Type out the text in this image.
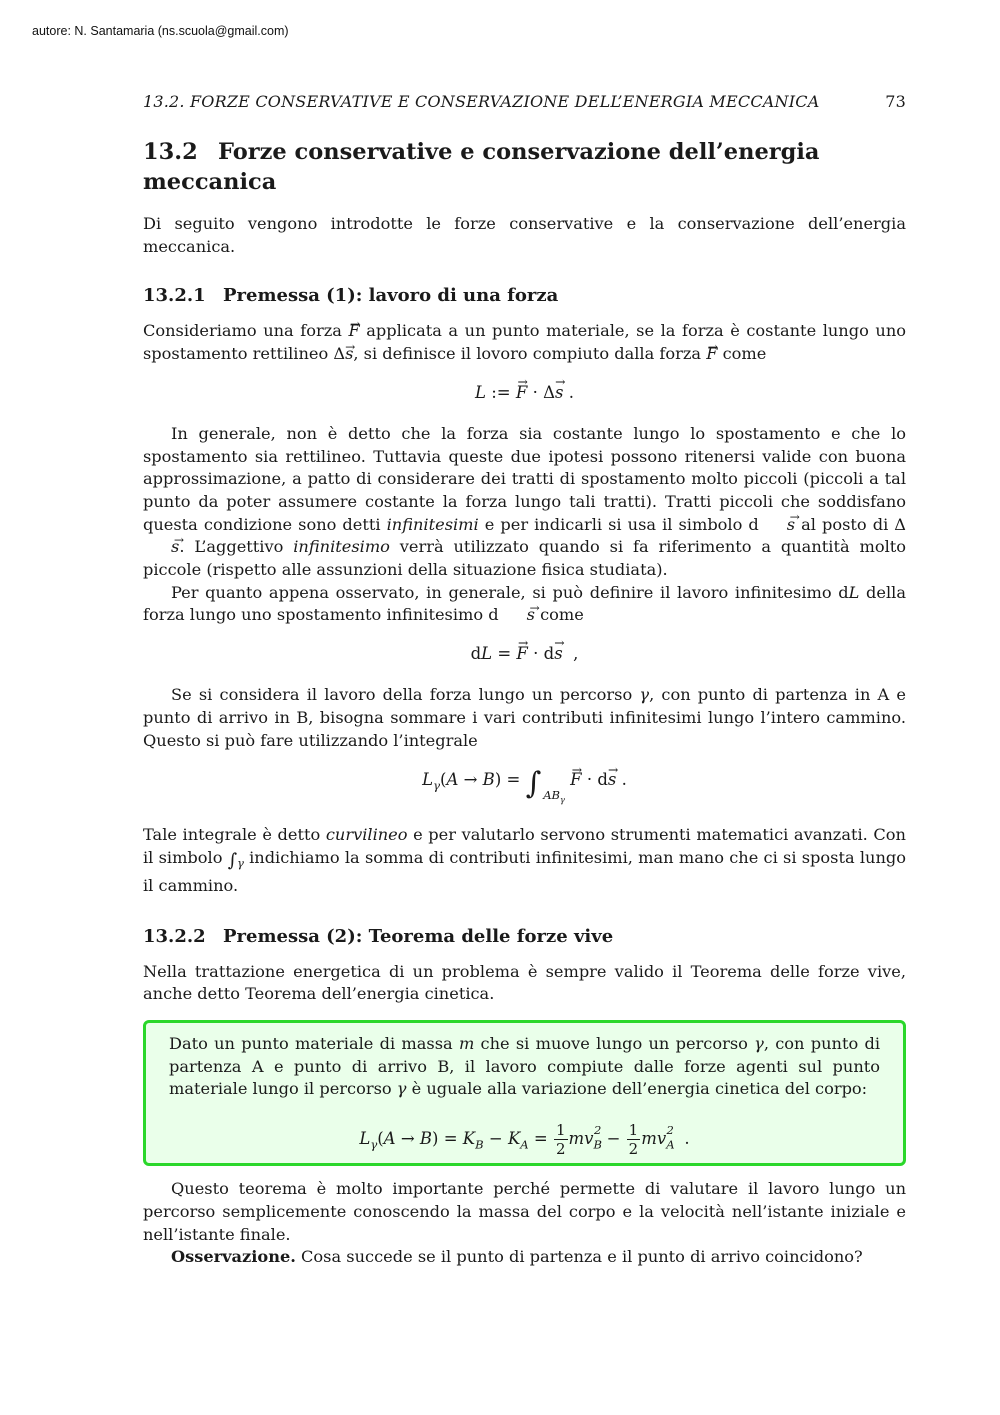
autore: N. Santamaria (ns.scuola@gmail.com)
13.2. FORZE CONSERVATIVE E CONSERVAZIONE DELL’ENERGIA MECCANICA	73
13.2 Forze conservative e conservazione dell’energia meccanica

Di seguito vengono introdotte le forze conservative e la conservazione dell’energia meccanica.

13.2.1 Premessa (1): lavoro di una forza

Consideriamo una forza → F applicata a un punto materiale, se la forza è costante lungo uno spostamento rettilineo Δ→ s, si definisce il lovoro compiuto dalla forza → F come

L := → F · Δ→ s .

In generale, non è detto che la forza sia costante lungo lo spostamento e che lo spostamento sia rettilineo. Tuttavia queste due ipotesi possono ritenersi valide con buona approssimazione, a patto di considerare dei tratti di spostamento molto piccoli (piccoli a tal punto da poter assumere costante la forza lungo tali tratti). Tratti piccoli che soddisfano questa condizione sono detti infinitesimi e per indicarli si usa il simbolo d → s al posto di Δ→ s. L’aggettivo infinitesimo verrà utilizzato quando si fa riferimento a quantità molto piccole (rispetto alle assunzioni della situazione fisica studiata).

Per quanto appena osservato, in generale, si può definire il lavoro infinitesimo dL della forza lungo uno spostamento infinitesimo d → s come

dL = → F · d→ s  ,

Se si considera il lavoro della forza lungo un percorso γ, con punto di partenza in A e punto di arrivo in B, bisogna sommare i vari contributi infinitesimi lungo l’intero cammino. Questo si può fare utilizzando l’integrale

$L_\gamma(A \to B)$ = ∫ $_{AB_\gamma}$ → F · d→ s .

Tale integrale è detto curvilineo e per valutarlo servono strumenti matematici avanzati. Con il simbolo $\int_\gamma$ indichiamo la somma di contributi infinitesimi, man mano che ci si sposta lungo il cammino.

13.2.2 Premessa (2): Teorema delle forze vive

Nella trattazione energetica di un problema è sempre valido il Teorema delle forze vive, anche detto Teorema dell’energia cinetica.

Dato un punto materiale di massa m che si muove lungo un percorso γ, con punto di partenza A e punto di arrivo B, il lavoro compiute dalle forze agenti sul punto materiale lungo il percorso γ è uguale alla variazione dell’energia cinetica del corpo:

$L_\gamma(A \to B) = K_B - K_A = \frac{1}{2} mv_B^2 - \frac{1}{2} mv_A^2$  .

Questo teorema è molto importante perché permette di valutare il lavoro lungo un percorso semplicemente conoscendo la massa del corpo e la velocità nell’istante iniziale e nell’istante finale.

Osservazione. Cosa succede se il punto di partenza e il punto di arrivo coincidono?
